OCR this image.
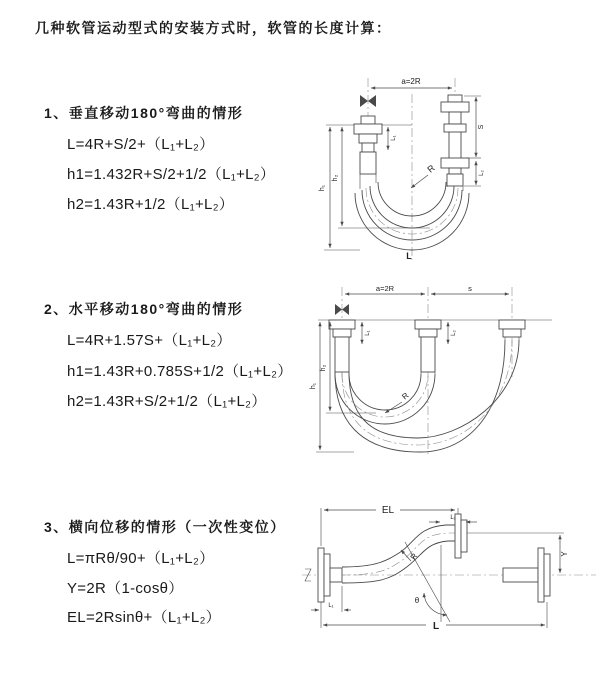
几种软管运动型式的安装方式时，软管的长度计算：
1、垂直移动180°弯曲的情形
L=4R+S/2+（L₁+L₂）
h1=1.432R+S/2+1/2（L₁+L₂）
h2=1.43R+1/2（L₁+L₂）
2、水平移动180°弯曲的情形
L=4R+1.57S+（L₁+L₂）
h1=1.43R+0.785S+1/2（L₁+L₂）
h2=1.43R+S/2+1/2（L₁+L₂）
3、横向位移的情形（一次性变位）
L=πRθ/90+（L₁+L₂）
Y=2R（1-cosθ）
EL=2Rsinθ+（L₁+L₂）
a=2R
h₁
h₂
L₁
S
L₂
R
L
a=2R	s
h₁
h₂
L₁	L₂
R
EL
L₁
Y
θ
R
L
L₁
